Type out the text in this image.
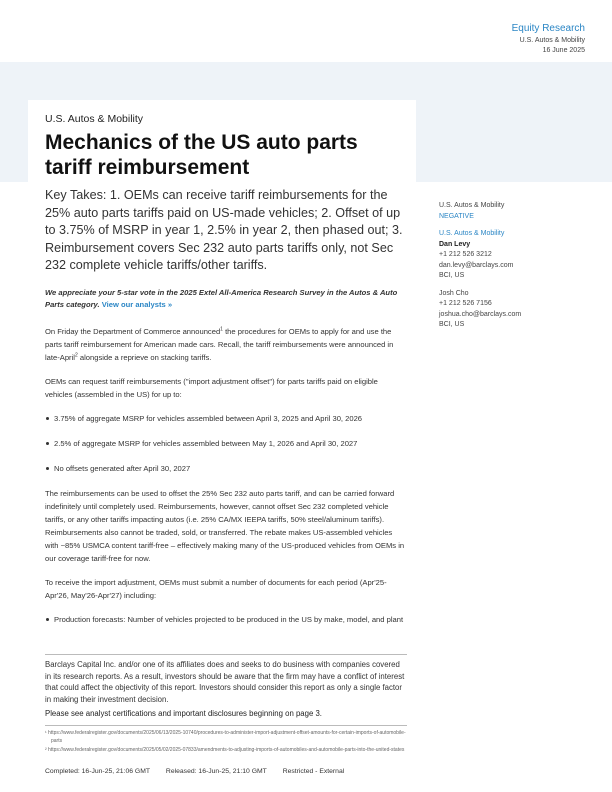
Equity Research
U.S. Autos & Mobility
16 June 2025
U.S. Autos & Mobility
Mechanics of the US auto parts
tariff reimbursement
Key Takes: 1. OEMs can receive tariff reimbursements for the 25% auto parts tariffs paid on US-made vehicles; 2. Offset of up to 3.75% of MSRP in year 1, 2.5% in year 2, then phased out; 3. Reimbursement covers Sec 232 auto parts tariffs only, not Sec 232 complete vehicle tariffs/other tariffs.
We appreciate your 5-star vote in the 2025 Extel All-America Research Survey in the Autos & Auto Parts category. View our analysts »

On Friday the Department of Commerce announced$^1$ the procedures for OEMs to apply for and use the parts tariff reimbursement for American made cars. Recall, the tariff reimbursements were announced in late-April$^2$ alongside a reprieve on stacking tariffs.

OEMs can request tariff reimbursements ("import adjustment offset") for parts tariffs paid on eligible vehicles (assembled in the US) for up to:

3.75% of aggregate MSRP for vehicles assembled between April 3, 2025 and April 30, 2026
2.5% of aggregate MSRP for vehicles assembled between May 1, 2026 and April 30, 2027
No offsets generated after April 30, 2027

The reimbursements can be used to offset the 25% Sec 232 auto parts tariff, and can be carried forward indefinitely until completely used. Reimbursements, however, cannot offset Sec 232 completed vehicle tariffs, or any other tariffs impacting autos (i.e. 25% CA/MX IEEPA tariffs, 50% steel/aluminum tariffs). Reimbursements also cannot be traded, sold, or transferred. The rebate makes US-assembled vehicles with ~85% USMCA content tariff-free – effectively making many of the US-produced vehicles from OEMs in our coverage tariff-free for now.

To receive the import adjustment, OEMs must submit a number of documents for each period (Apr'25-Apr'26, May'26-Apr'27) including:

Production forecasts: Number of vehicles projected to be produced in the US by make, model, and plant

Barclays Capital Inc. and/or one of its affiliates does and seeks to do business with companies covered in its research reports. As a result, investors should be aware that the firm may have a conflict of interest that could affect the objectivity of this report. Investors should consider this report as only a single factor in making their investment decision.

Please see analyst certifications and important disclosures beginning on page 3.

¹ https://www.federalregister.gov/documents/2025/06/13/2025-10740/procedures-to-administer-import-adjustment-offset-amounts-for-certain-imports-of-automobile-parts

² https://www.federalregister.gov/documents/2025/05/02/2025-07833/amendments-to-adjusting-imports-of-automobiles-and-automobile-parts-into-the-united-states

Completed: 16-Jun-25, 21:06 GMT Released: 16-Jun-25, 21:10 GMT Restricted - External
U.S. Autos & Mobility
NEGATIVE
U.S. Autos & Mobility
Dan Levy
+1 212 526 3212
dan.levy@barclays.com
BCI, US
Josh Cho
+1 212 526 7156
joshua.cho@barclays.com
BCI, US
